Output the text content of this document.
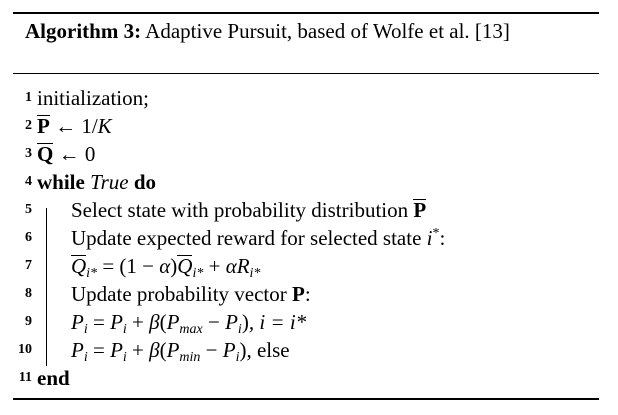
Algorithm 3: Adaptive Pursuit, based of Wolfe et al. [13]
1 initialization;
2 P ← 1/K
3 Q ← 0
4 while True do
5 Select state with probability distribution P
6 Update expected reward for selected state i*:
7 $Q_{i*} = (1 - \alpha)Q_{i*} + \alpha R_{i*}$
8 Update probability vector P:
9 $P_i = P_i + \beta(P_{max} - P_i)$, i = i*
10 $P_i = P_i + \beta(P_{min} - P_i)$, else
11 end
